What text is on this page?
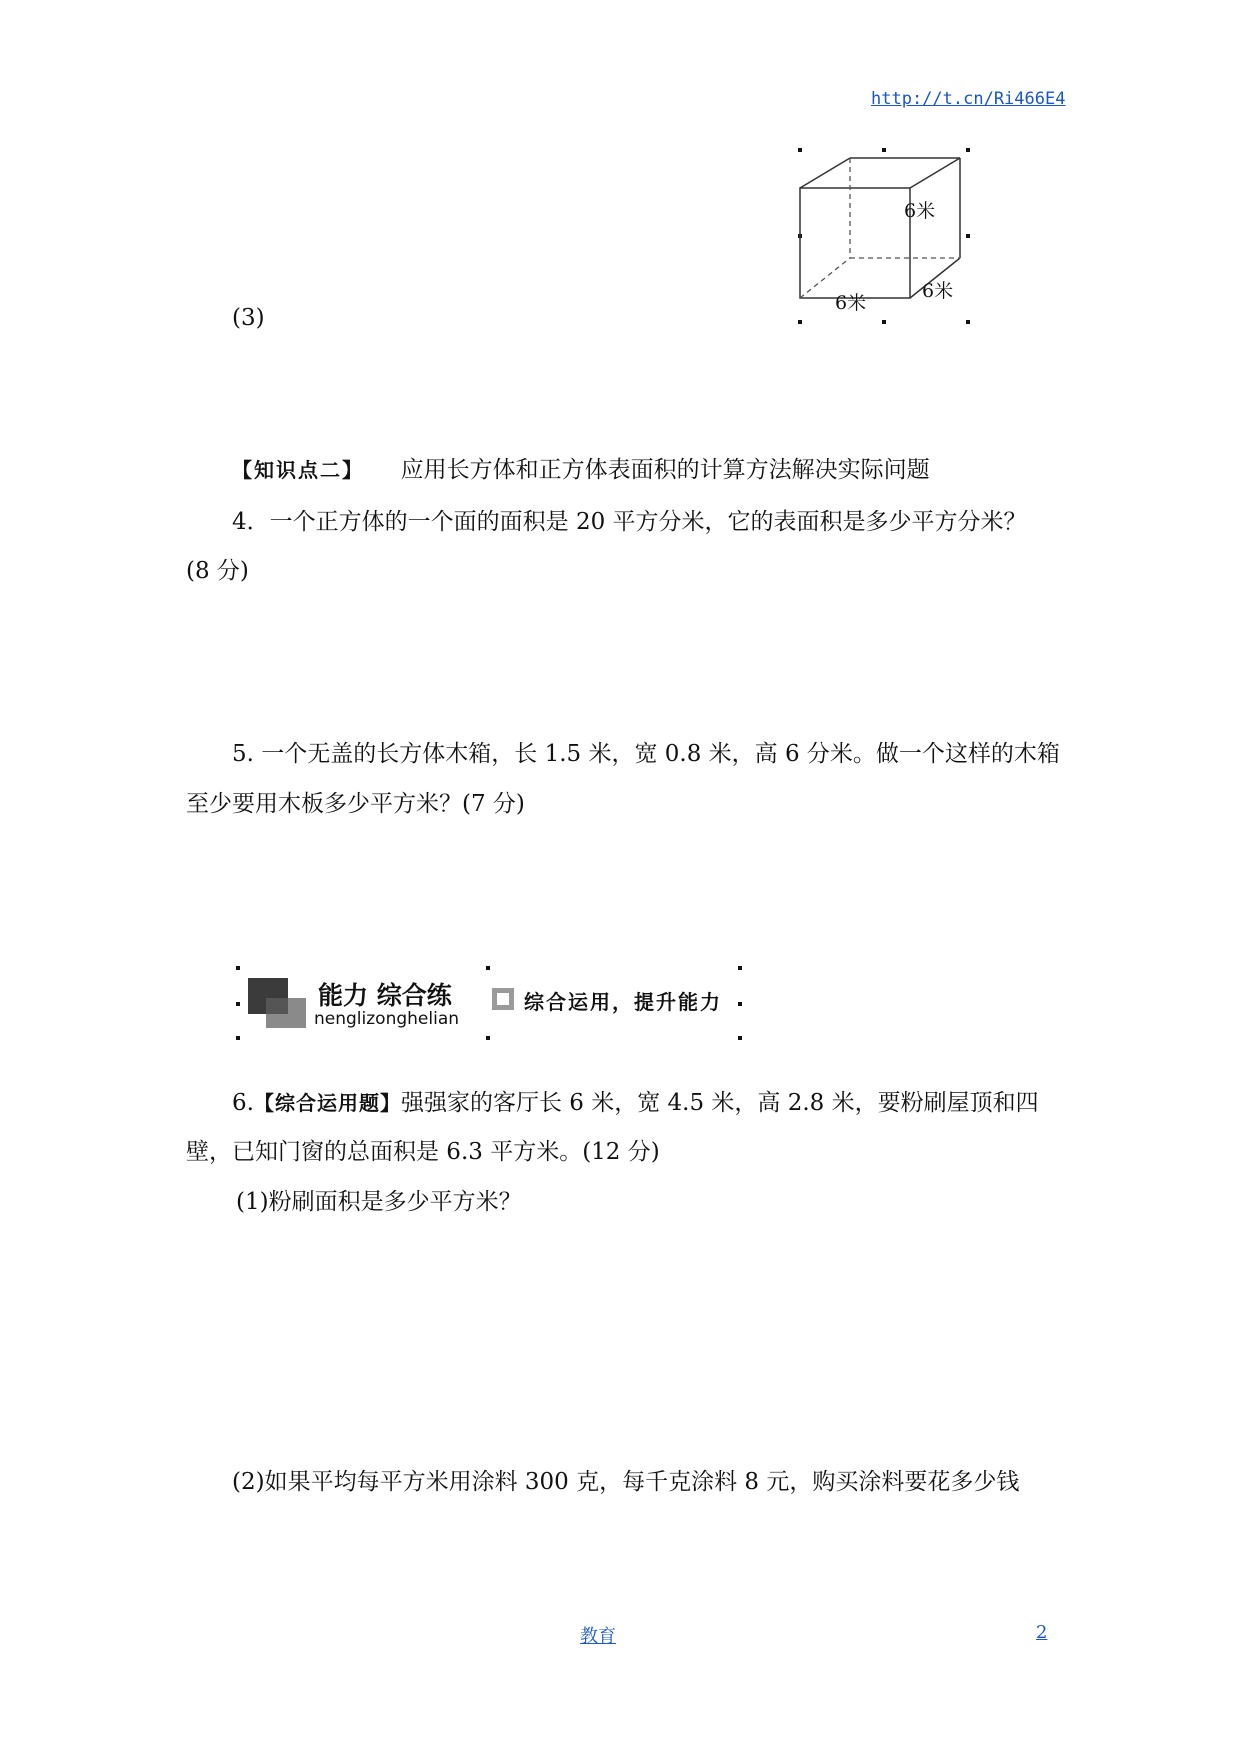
http://t.cn/Ri466E4
6米
6米
6米
(3)
【知识点二】 应用长方体和正方体表面积的计算方法解决实际问题
4．一个正方体的一个面的面积是 20 平方分米，它的表面积是多少平方分米？
(8 分)
5. 一个无盖的长方体木箱，长 1.5 米，宽 0.8 米，高 6 分米。做一个这样的木箱
至少要用木板多少平方米？(7 分)
能力 综合练
nenglizonghelian
综合运用，提升能力
6.【综合运用题】强强家的客厅长 6 米，宽 4.5 米，高 2.8 米，要粉刷屋顶和四
壁，已知门窗的总面积是 6.3 平方米。(12 分)
(1)粉刷面积是多少平方米？
(2)如果平均每平方米用涂料 300 克，每千克涂料 8 元，购买涂料要花多少钱
教育	2
